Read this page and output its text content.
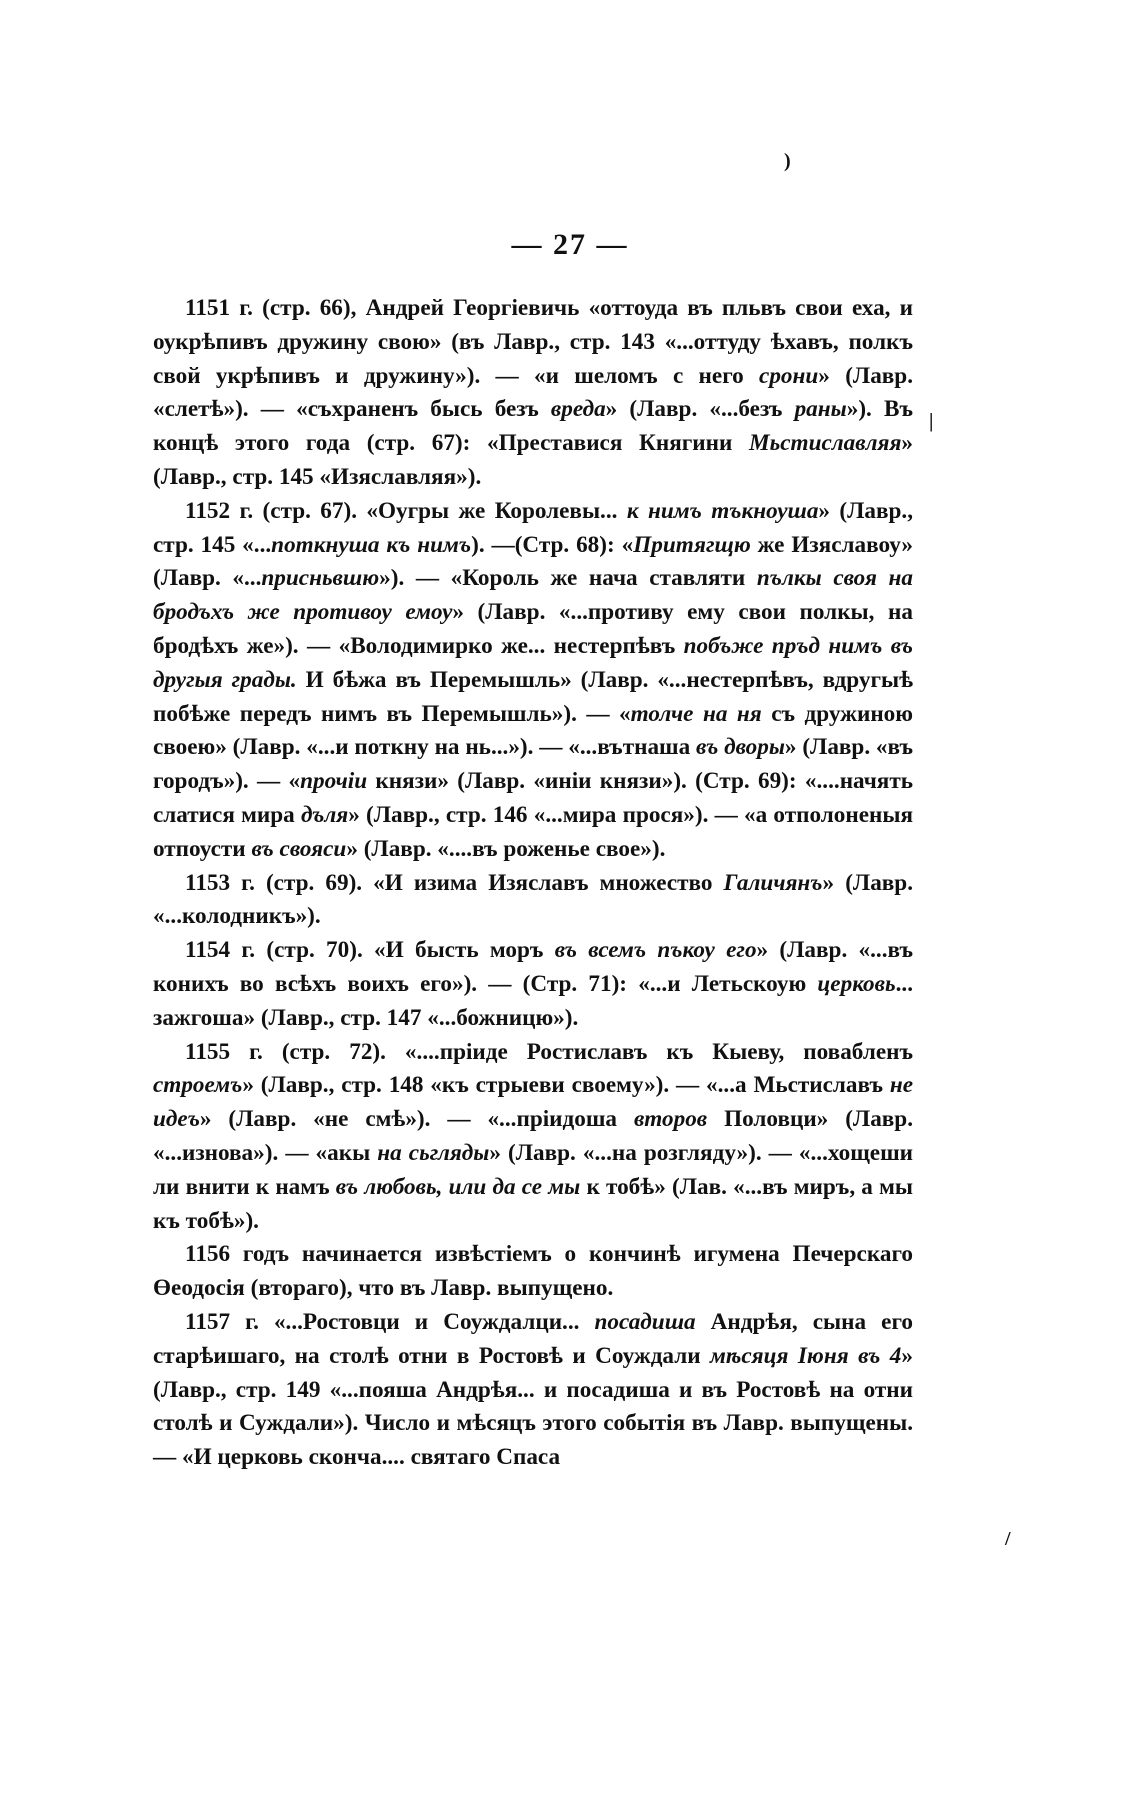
)
|
/
— 27 —

1151 г. (стр. 66), Андрей Георгіевичь «оттоуда въ пльвъ свои еха, и оукрѣпивъ дружину свою» (въ Лавр., стр. 143 «...оттуду ѣхавъ, полкъ свой укрѣпивъ и дружину»). — «и шеломъ с него срони» (Лавр. «слетѣ»). — «съхраненъ бысь безъ вреда» (Лавр. «...безъ раны»). Въ концѣ этого года (стр. 67): «Преставися Княгини Мьстиславляя» (Лавр., стр. 145 «Изяславляя»).

1152 г. (стр. 67). «Оугры же Королевы... к нимъ тъкноуша» (Лавр., стр. 145 «...поткнуша къ нимъ). —(Стр. 68): «Притягщю же Изяславоу» (Лавр. «...присньвшю»). — «Король же нача ставляти пълкы своя на бродъхъ же противоу емоу» (Лавр. «...противу ему свои полкы, на бродѣхъ же»). — «Володимирко же... нестерпѣвъ побъже пръд нимъ въ другыя грады. И бѣжа въ Перемышль» (Лавр. «...нестерпѣвъ, вдругыѣ побѣже передъ нимъ въ Перемышль»). — «толче на ня съ дружиною своею» (Лавр. «...и поткну на нь...»). — «...вътнаша въ дворы» (Лавр. «въ городъ»). — «прочіи князи» (Лавр. «иніи князи»). (Стр. 69): «....начять слатися мира дъля» (Лавр., стр. 146 «...мира прося»). — «а отполоненыя отпоусти въ свояси» (Лавр. «....въ роженье свое»).

1153 г. (стр. 69). «И изима Изяславъ множество Галичянъ» (Лавр. «...колодникъ»).

1154 г. (стр. 70). «И бысть моръ въ всемъ пъкоу его» (Лавр. «...въ конихъ во всѣхъ воихъ его»). — (Стр. 71): «...и Летьскоую церковь... зажгоша» (Лавр., стр. 147 «...божницю»).

1155 г. (стр. 72). «....пріиде Ростиславъ къ Кыеву, повабленъ строемъ» (Лавр., стр. 148 «къ стрыеви своему»). — «...а Мьстиславъ не идеъ» (Лавр. «не смѣ»). — «...пріидоша второв Половци» (Лавр. «...изнова»). — «акы на сьгляды» (Лавр. «...на розгляду»). — «...хощеши ли внити к намъ въ любовь, или да се мы к тобѣ» (Лав. «...въ миръ, а мы къ тобѣ»).

1156 годъ начинается извѣстіемъ о кончинѣ игумена Печерскаго Өеодосія (втораго), что въ Лавр. выпущено.

1157 г. «...Ростовци и Соуждалци... посадиша Андрѣя, сына его старѣишаго, на столѣ отни в Ростовѣ и Соуждали мѣсяця Іюня въ 4» (Лавр., стр. 149 «...пояша Андрѣя... и посадиша и въ Ростовѣ на отни столѣ и Суждали»). Число и мѣсяцъ этого событія въ Лавр. выпущены. — «И церковь сконча.... святаго Спаса
